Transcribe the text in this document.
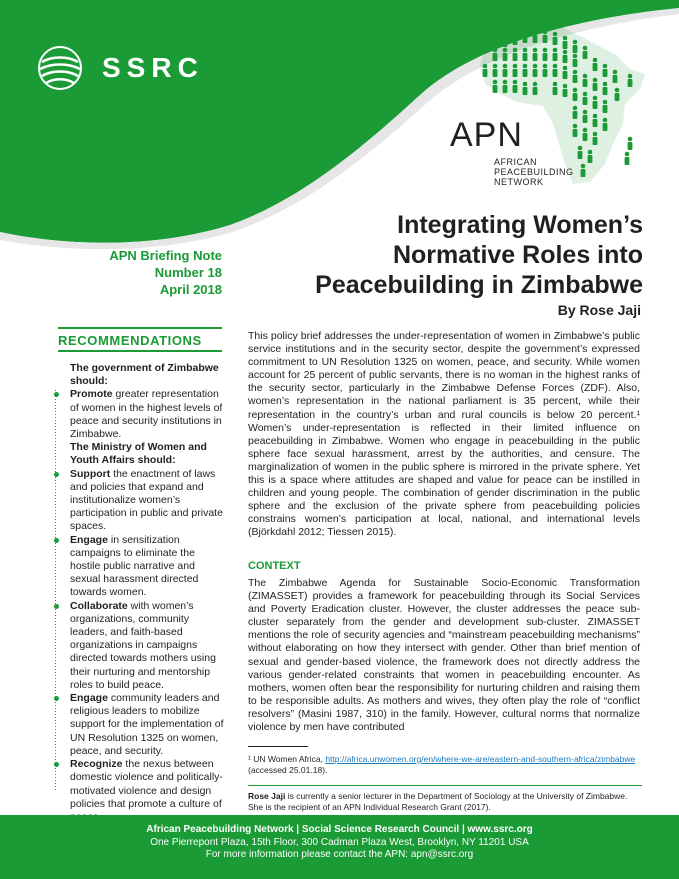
SSRC
APN
AFRICAN
PEACEBUILDING
NETWORK
Integrating Women’s
Normative Roles into
Peacebuilding in Zimbabwe
By Rose Jaji
APN Briefing Note
Number 18
April 2018
RECOMMENDATIONS
The government of Zimbabwe should:
Promote greater representation of women in the highest levels of peace and security institutions in Zimbabwe.
The Ministry of Women and Youth Affairs should:
Support the enactment of laws and policies that expand and institutionalize women’s participation in public and private spaces.
Engage in sensitization campaigns to eliminate the hostile public narrative and sexual harassment directed towards women.
Collaborate with women’s organizations, community leaders, and faith-based organizations in campaigns directed towards mothers using their nurturing and mentorship roles to build peace.
Engage community leaders and religious leaders to mobilize support for the implementation of UN Resolution 1325 on women, peace, and security.
Recognize the nexus between domestic violence and politically-motivated violence and design policies that promote a culture of

This policy brief addresses the under-representation of women in Zimbabwe’s public service institutions and in the security sector, despite the government’s expressed commitment to UN Resolution 1325 on women, peace, and security. While women account for 25 percent of public servants, there is no woman in the highest ranks of the security sector, particularly in the Zimbabwe Defense Forces (ZDF). Also, women’s representation in the national parliament is 35 percent, while their representation in the country’s urban and rural councils is below 20 percent.¹ Women’s under-representation is reflected in their limited influence on peacebuilding in Zimbabwe. Women who engage in peacebuilding in the public sphere face sexual harassment, arrest by the authorities, and censure. The marginalization of women in the public sphere is mirrored in the private sphere. Yet this is a space where attitudes are shaped and value for peace can be instilled in children and young people. The combination of gender discrimination in the public sphere and the exclusion of the private sphere from peacebuilding policies constrains women’s participation at local, national, and international levels (Björkdahl 2012; Tiessen 2015).

CONTEXT

The Zimbabwe Agenda for Sustainable Socio-Economic Transformation (ZIMASSET) provides a framework for peacebuilding through its Social Services and Poverty Eradication cluster. However, the cluster addresses the peace sub-cluster separately from the gender and development sub-cluster. ZIMASSET mentions the role of security agencies and “mainstream peacebuilding mechanisms” without elaborating on how they intersect with gender. Other than brief mention of sexual and gender-based violence, the framework does not directly address the various gender-related constraints that women in peacebuilding encounter. As mothers, women often bear the responsibility for nurturing children and raising them to be responsible adults. As mothers and wives, they often play the role of “conflict resolvers” (Masini 1987, 310) in the family. However, cultural norms that normalize violence by men have contributed

¹ UN Women Africa, http://africa.unwomen.org/en/where-we-are/eastern-and-southern-africa/zimbabwe (accessed 25.01.18).
Rose Jaji is currently a senior lecturer in the Department of Sociology at the University of Zimbabwe. She is the recipient of an APN Individual Research Grant (2017).
African Peacebuilding Network | Social Science Research Council | www.ssrc.org
One Pierrepont Plaza, 15th Floor, 300 Cadman Plaza West, Brooklyn, NY 11201 USA
For more information please contact the APN: apn@ssrc.org
